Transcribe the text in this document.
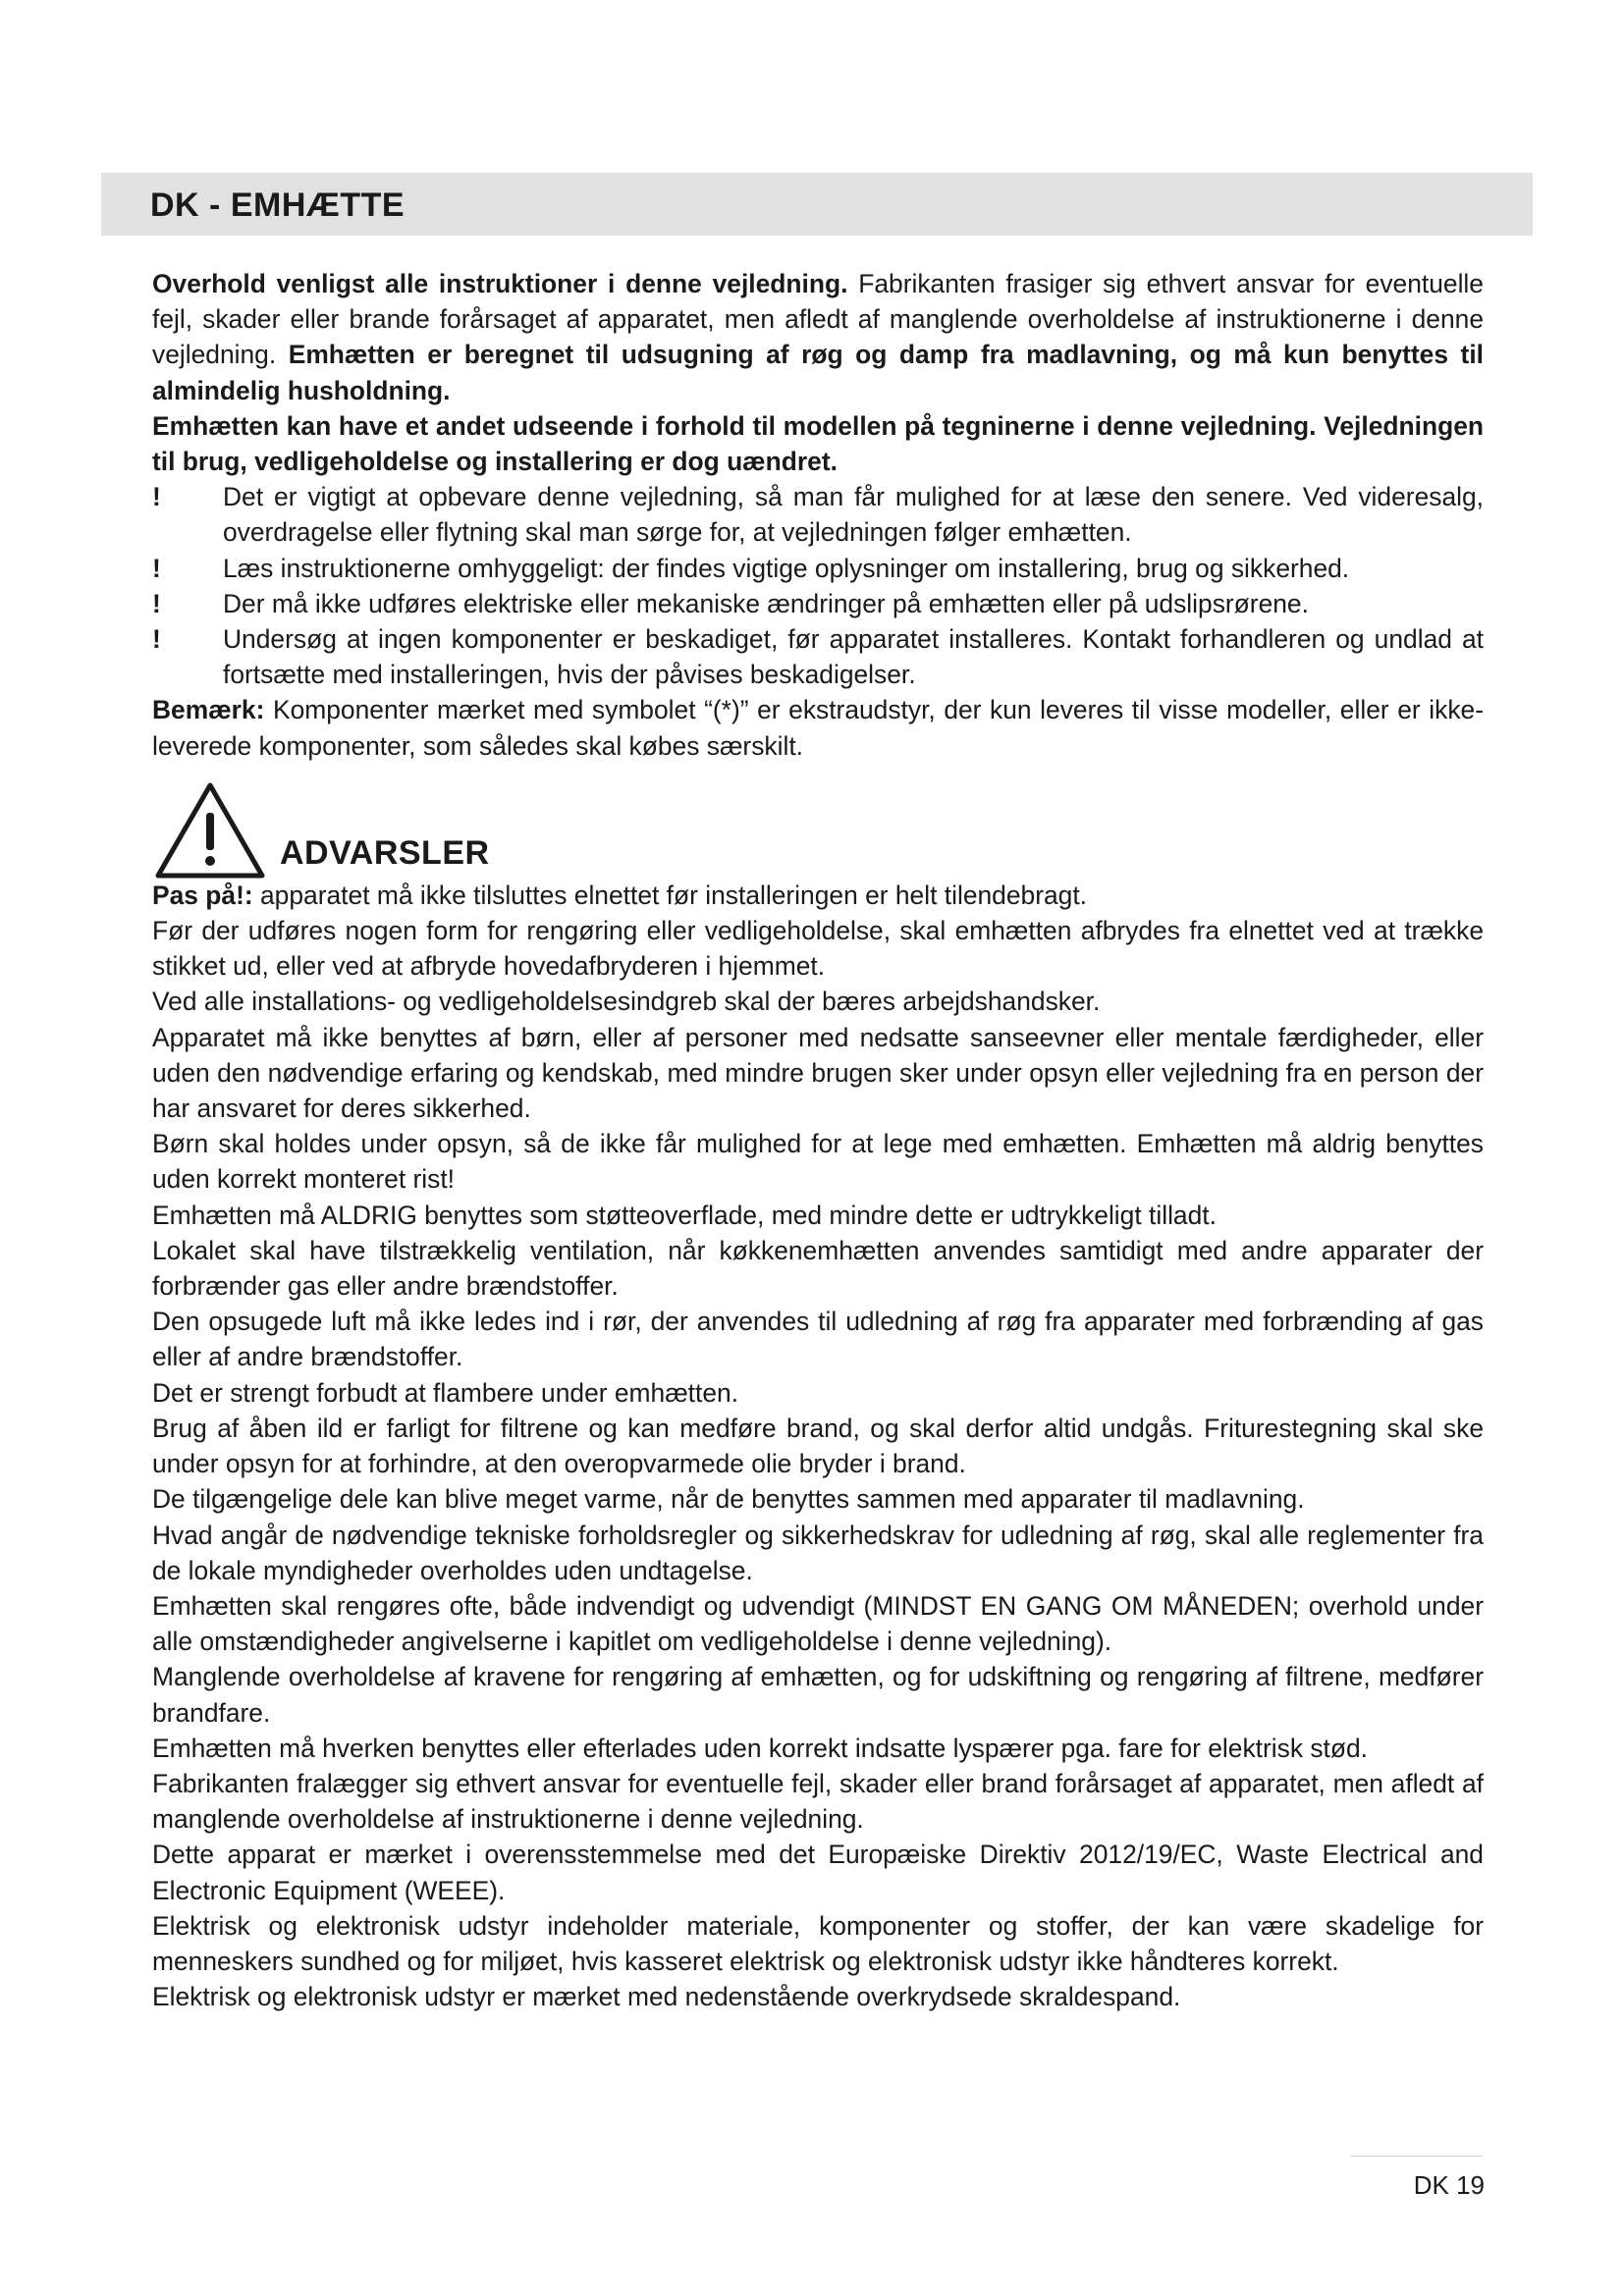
DK - EMHÆTTE

Overhold venligst alle instruktioner i denne vejledning. Fabrikanten frasiger sig ethvert ansvar for eventuelle fejl, skader eller brande forårsaget af apparatet, men afledt af manglende overholdelse af instruktionerne i denne vejledning. Emhætten er beregnet til udsugning af røg og damp fra madlavning, og må kun benyttes til almindelig husholdning.

Emhætten kan have et andet udseende i forhold til modellen på tegninerne i denne vejledning. Vejledningen til brug, vedligeholdelse og installering er dog uændret.

!	Det er vigtigt at opbevare denne vejledning, så man får mulighed for at læse den senere. Ved videresalg, overdragelse eller flytning skal man sørge for, at vejledningen følger emhætten.
!	Læs instruktionerne omhyggeligt: der findes vigtige oplysninger om installering, brug og sikkerhed.
!	Der må ikke udføres elektriske eller mekaniske ændringer på emhætten eller på udslipsrørene.
!	Undersøg at ingen komponenter er beskadiget, før apparatet installeres. Kontakt forhandleren og undlad at fortsætte med installeringen, hvis der påvises beskadigelser.

Bemærk: Komponenter mærket med symbolet “(*)” er ekstraudstyr, der kun leveres til visse modeller, eller er ikke-leverede komponenter, som således skal købes særskilt.

ADVARSLER

Pas på!: apparatet må ikke tilsluttes elnettet før installeringen er helt tilendebragt.

Før der udføres nogen form for rengøring eller vedligeholdelse, skal emhætten afbrydes fra elnettet ved at trække stikket ud, eller ved at afbryde hovedafbryderen i hjemmet.

Ved alle installations- og vedligeholdelsesindgreb skal der bæres arbejdshandsker.

Apparatet må ikke benyttes af børn, eller af personer med nedsatte sanseevner eller mentale færdigheder, eller uden den nødvendige erfaring og kendskab, med mindre brugen sker under opsyn eller vejledning fra en person der har ansvaret for deres sikkerhed.

Børn skal holdes under opsyn, så de ikke får mulighed for at lege med emhætten. Emhætten må aldrig benyttes uden korrekt monteret rist!

Emhætten må ALDRIG benyttes som støtteoverflade, med mindre dette er udtrykkeligt tilladt.

Lokalet skal have tilstrækkelig ventilation, når køkkenemhætten anvendes samtidigt med andre apparater der forbrænder gas eller andre brændstoffer.

Den opsugede luft må ikke ledes ind i rør, der anvendes til udledning af røg fra apparater med forbrænding af gas eller af andre brændstoffer.

Det er strengt forbudt at flambere under emhætten.

Brug af åben ild er farligt for filtrene og kan medføre brand, og skal derfor altid undgås. Friturestegning skal ske under opsyn for at forhindre, at den overopvarmede olie bryder i brand.

De tilgængelige dele kan blive meget varme, når de benyttes sammen med apparater til madlavning.

Hvad angår de nødvendige tekniske forholdsregler og sikkerhedskrav for udledning af røg, skal alle reglementer fra de lokale myndigheder overholdes uden undtagelse.

Emhætten skal rengøres ofte, både indvendigt og udvendigt (MINDST EN GANG OM MÅNEDEN; overhold under alle omstændigheder angivelserne i kapitlet om vedligeholdelse i denne vejledning).

Manglende overholdelse af kravene for rengøring af emhætten, og for udskiftning og rengøring af filtrene, medfører brandfare.

Emhætten må hverken benyttes eller efterlades uden korrekt indsatte lyspærer pga. fare for elektrisk stød.

Fabrikanten fralægger sig ethvert ansvar for eventuelle fejl, skader eller brand forårsaget af apparatet, men afledt af manglende overholdelse af instruktionerne i denne vejledning.

Dette apparat er mærket i overensstemmelse med det Europæiske Direktiv 2012/19/EC, Waste Electrical and Electronic Equipment (WEEE).

Elektrisk og elektronisk udstyr indeholder materiale, komponenter og stoffer, der kan være skadelige for menneskers sundhed og for miljøet, hvis kasseret elektrisk og elektronisk udstyr ikke håndteres korrekt.

Elektrisk og elektronisk udstyr er mærket med nedenstående overkrydsede skraldespand.

DK 19
